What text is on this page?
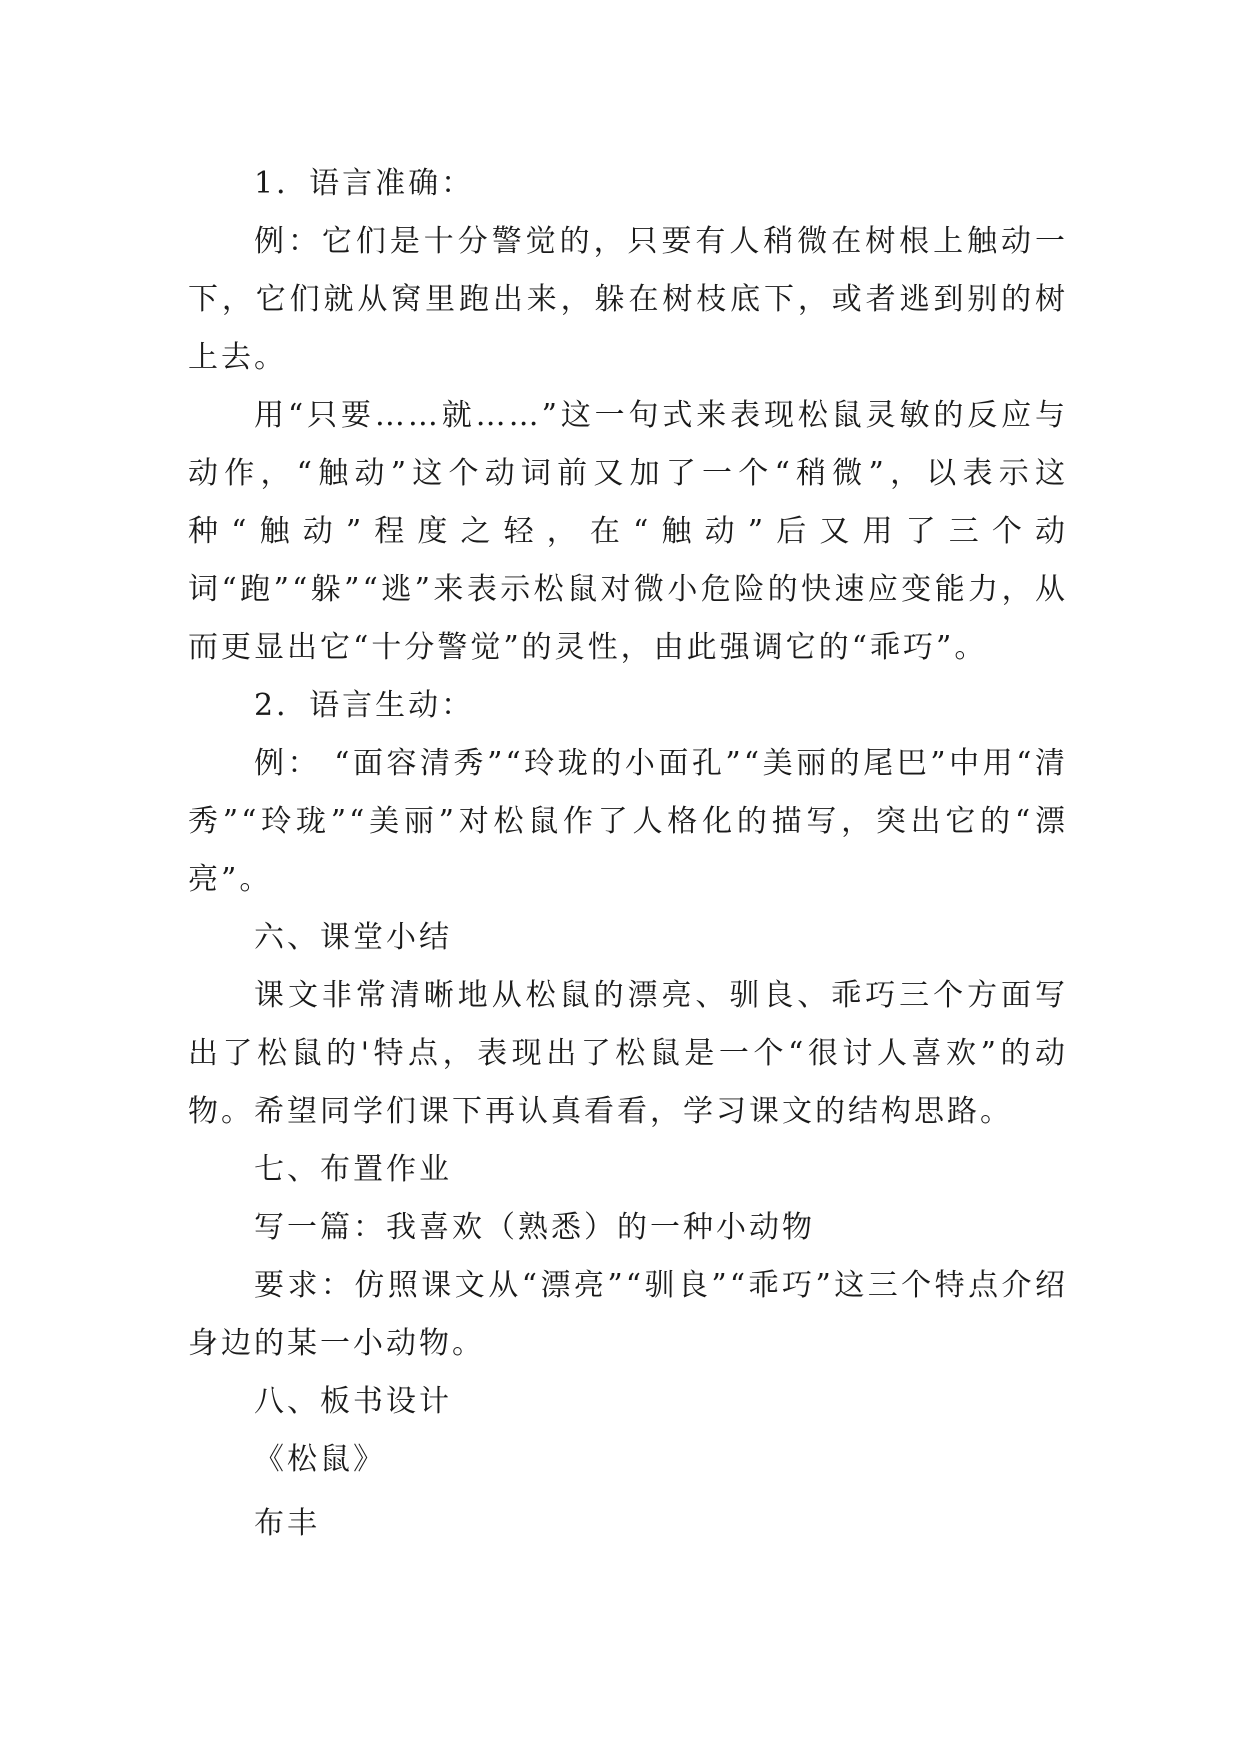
1．语言准确：

例：它们是十分警觉的，只要有人稍微在树根上触动一下，它们就从窝里跑出来，躲在树枝底下，或者逃到别的树上去。

用“只要……就……”这一句式来表现松鼠灵敏的反应与动作，“触动”这个动词前又加了一个“稍微”，以表示这种“触动”程度之轻，在“触动”后又用了三个动词“跑”“躲”“逃”来表示松鼠对微小危险的快速应变能力，从而更显出它“十分警觉”的灵性，由此强调它的“乖巧”。

2．语言生动：

例： “面容清秀”“玲珑的小面孔”“美丽的尾巴”中用“清秀”“玲珑”“美丽”对松鼠作了人格化的描写，突出它的“漂亮”。

六、课堂小结

课文非常清晰地从松鼠的漂亮、驯良、乖巧三个方面写出了松鼠的'特点，表现出了松鼠是一个“很讨人喜欢”的动物。希望同学们课下再认真看看，学习课文的结构思路。

七、布置作业

写一篇：我喜欢（熟悉）的一种小动物

要求：仿照课文从“漂亮”“驯良”“乖巧”这三个特点介绍身边的某一小动物。

八、板书设计

《松鼠》

布丰
